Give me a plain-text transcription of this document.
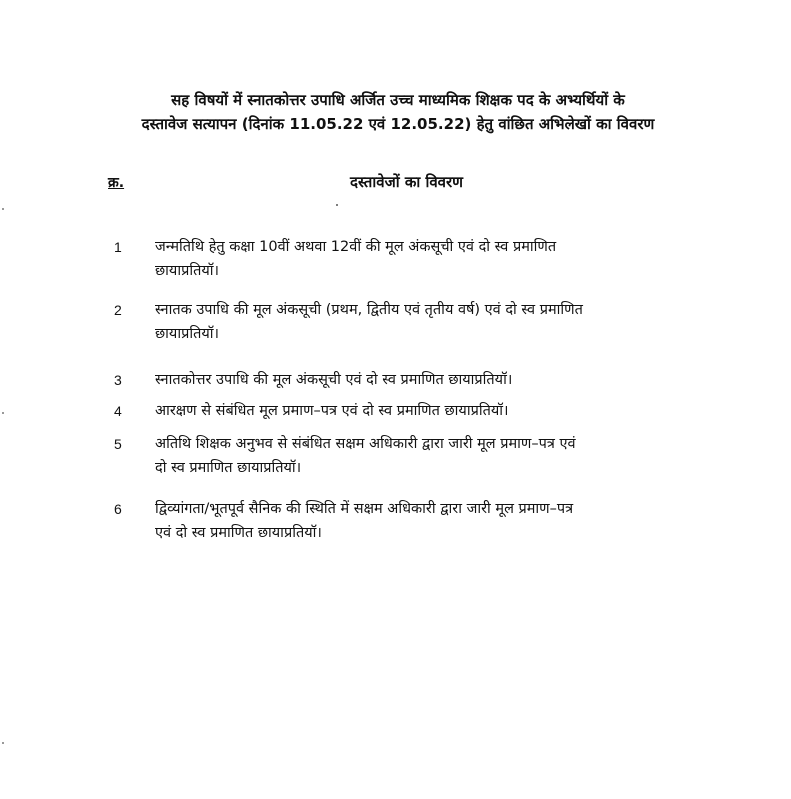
सह विषयों में स्नातकोत्तर उपाधि अर्जित उच्च माध्यमिक शिक्षक पद के अभ्यर्थियों के
दस्तावेज सत्यापन (दिनांक 11.05.22 एवं 12.05.22) हेतु वांछित अभिलेखों का विवरण
क्र.	दस्तावेजों का विवरण
1	जन्मतिथि हेतु कक्षा 10वीं अथवा 12वीं की मूल अंकसूची एवं दो स्व प्रमाणित
छायाप्रतियॉ।
2	स्नातक उपाधि की मूल अंकसूची (प्रथम, द्वितीय एवं तृतीय वर्ष) एवं दो स्व प्रमाणित
छायाप्रतियॉ।
3	स्नातकोत्तर उपाधि की मूल अंकसूची एवं दो स्व प्रमाणित छायाप्रतियॉ।
4	आरक्षण से संबंधित मूल प्रमाण–पत्र एवं दो स्व प्रमाणित छायाप्रतियॉ।
5	अतिथि शिक्षक अनुभव से संबंधित सक्षम अधिकारी द्वारा जारी मूल प्रमाण–पत्र एवं
दो स्व प्रमाणित छायाप्रतियॉ।
6	द्विव्यांगता/भूतपूर्व सैनिक की स्थिति में सक्षम अधिकारी द्वारा जारी मूल प्रमाण–पत्र
एवं दो स्व प्रमाणित छायाप्रतियॉ।
